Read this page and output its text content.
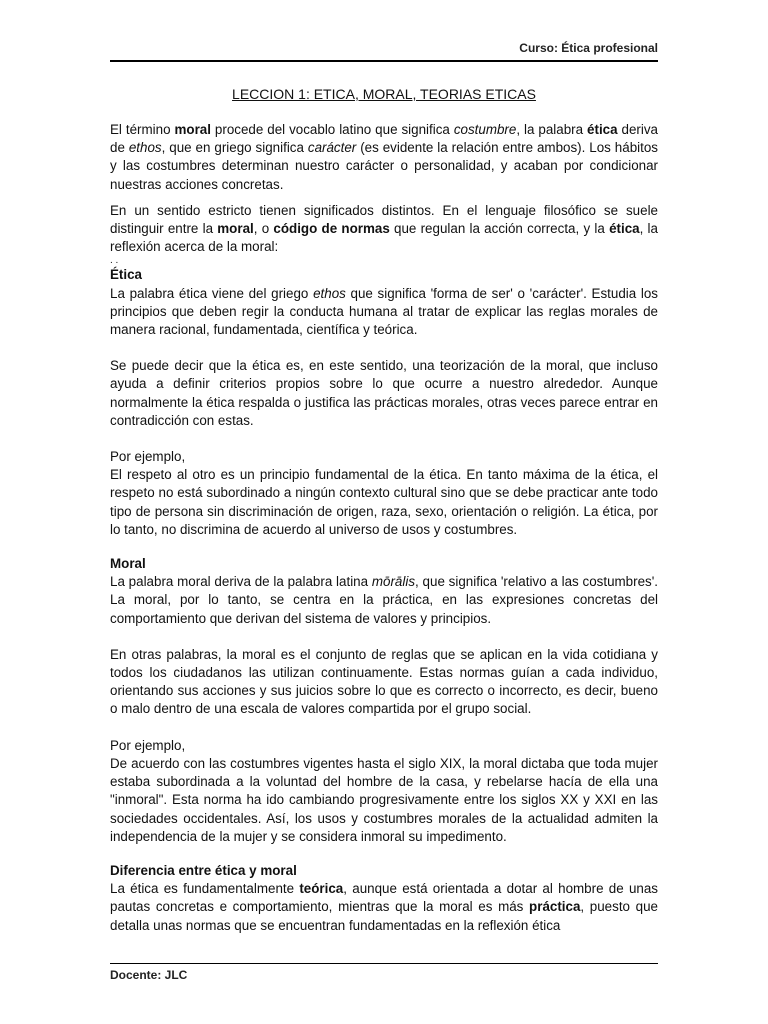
Curso: Ética profesional
LECCION 1: ETICA, MORAL, TEORIAS ETICAS

El término moral procede del vocablo latino que significa costumbre, la palabra ética deriva de ethos, que en griego significa carácter (es evidente la relación entre ambos). Los hábitos y las costumbres determinan nuestro carácter o personalidad, y acaban por condicionar nuestras acciones concretas.

En un sentido estricto tienen significados distintos. En el lenguaje filosófico se suele distinguir entre la moral, o código de normas que regulan la acción correcta, y la ética, la reflexión acerca de la moral:

. .

Ética

La palabra ética viene del griego ethos que significa 'forma de ser' o 'carácter'. Estudia los principios que deben regir la conducta humana al tratar de explicar las reglas morales de manera racional, fundamentada, científica y teórica.

Se puede decir que la ética es, en este sentido, una teorización de la moral, que incluso ayuda a definir criterios propios sobre lo que ocurre a nuestro alrededor. Aunque normalmente la ética respalda o justifica las prácticas morales, otras veces parece entrar en contradicción con estas.

Por ejemplo,

El respeto al otro es un principio fundamental de la ética. En tanto máxima de la ética, el respeto no está subordinado a ningún contexto cultural sino que se debe practicar ante todo tipo de persona sin discriminación de origen, raza, sexo, orientación o religión. La ética, por lo tanto, no discrimina de acuerdo al universo de usos y costumbres.

Moral

La palabra moral deriva de la palabra latina mōrālis, que significa 'relativo a las costumbres'. La moral, por lo tanto, se centra en la práctica, en las expresiones concretas del comportamiento que derivan del sistema de valores y principios.

En otras palabras, la moral es el conjunto de reglas que se aplican en la vida cotidiana y todos los ciudadanos las utilizan continuamente. Estas normas guían a cada individuo, orientando sus acciones y sus juicios sobre lo que es correcto o incorrecto, es decir, bueno o malo dentro de una escala de valores compartida por el grupo social.

Por ejemplo,

De acuerdo con las costumbres vigentes hasta el siglo XIX, la moral dictaba que toda mujer estaba subordinada a la voluntad del hombre de la casa, y rebelarse hacía de ella una "inmoral". Esta norma ha ido cambiando progresivamente entre los siglos XX y XXI en las sociedades occidentales. Así, los usos y costumbres morales de la actualidad admiten la independencia de la mujer y se considera inmoral su impedimento.

Diferencia entre ética y moral

La ética es fundamentalmente teórica, aunque está orientada a dotar al hombre de unas pautas concretas e comportamiento, mientras que la moral es más práctica, puesto que detalla unas normas que se encuentran fundamentadas en la reflexión ética

Docente: JLC
